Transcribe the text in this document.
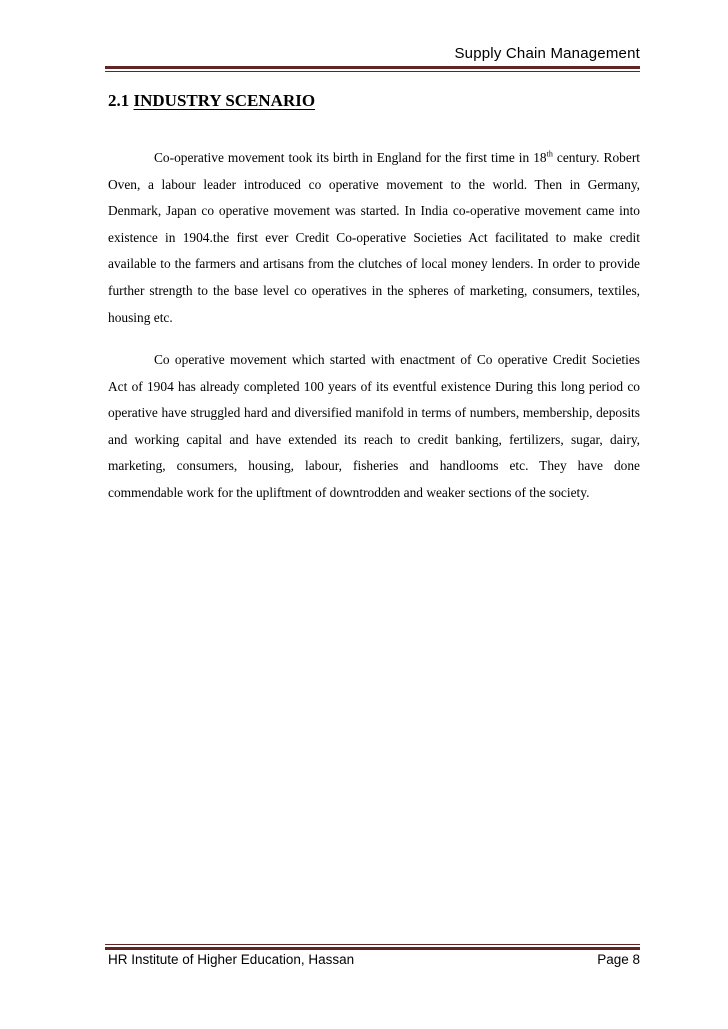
Supply Chain Management
2.1 INDUSTRY SCENARIO
Co-operative movement took its birth in England for the first time in 18th century. Robert Oven, a labour leader introduced co operative movement to the world. Then in Germany, Denmark, Japan co operative movement was started. In India co-operative movement came into existence in 1904.the first ever Credit Co-operative Societies Act facilitated to make credit available to the farmers and artisans from the clutches of local money lenders. In order to provide further strength to the base level co operatives in the spheres of marketing, consumers, textiles, housing etc.
Co operative movement which started with enactment of Co operative Credit Societies Act of 1904 has already completed 100 years of its eventful existence During this long period co operative have struggled hard and diversified manifold in terms of numbers, membership, deposits and working capital and have extended its reach to credit banking, fertilizers, sugar, dairy, marketing, consumers, housing, labour, fisheries and handlooms etc. They have done commendable work for the upliftment of downtrodden and weaker sections of the society.
HR Institute of Higher Education, Hassan	Page 8
